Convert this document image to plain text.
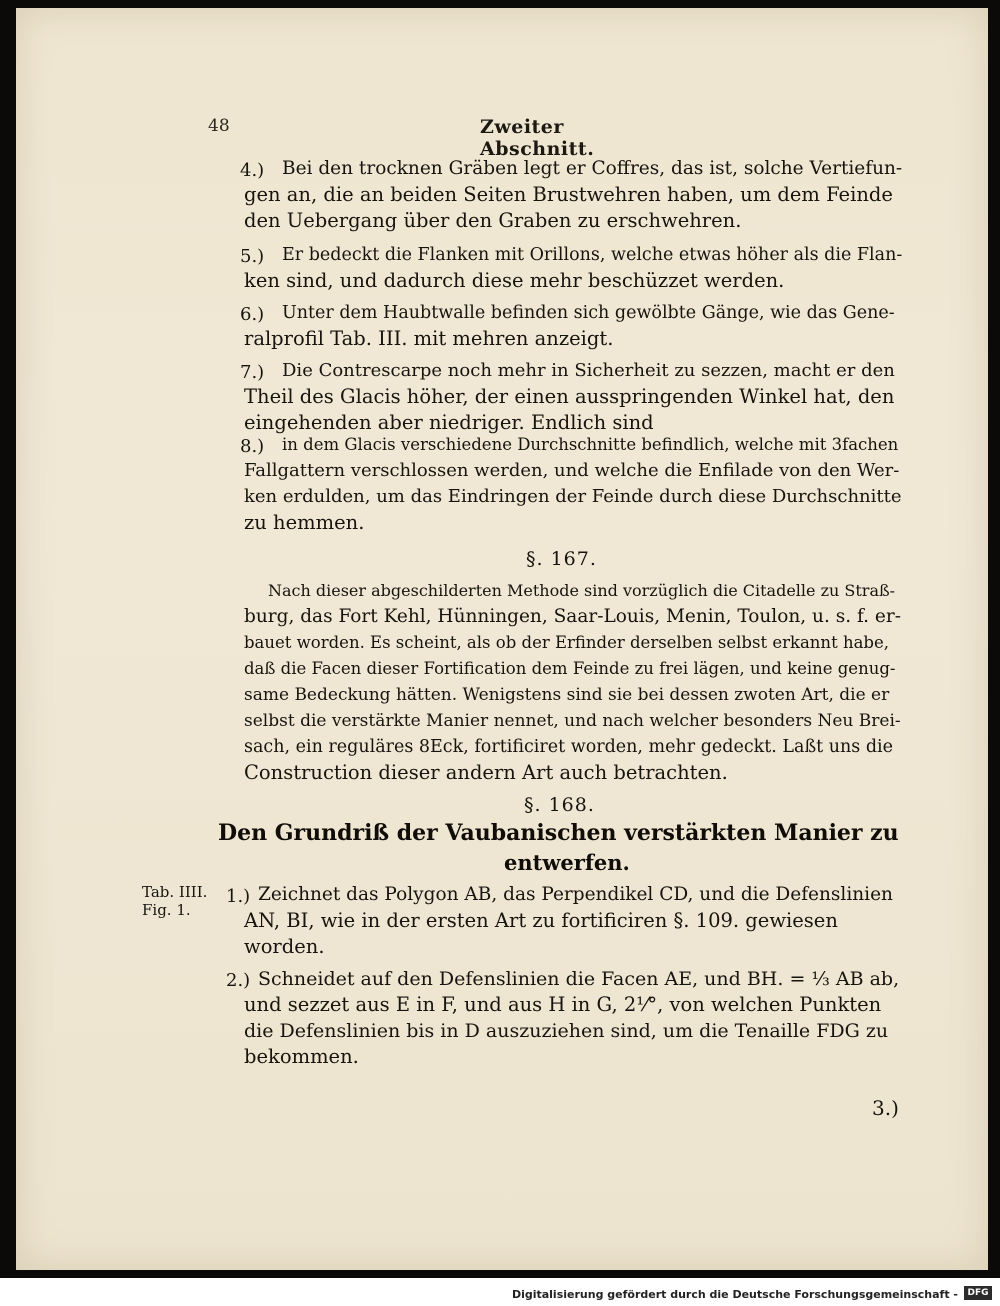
48	Zweiter Abschnitt.
4.) Bei den trocknen Gräben legt er Coffres, das ist, solche Vertiefun-
gen an, die an beiden Seiten Brustwehren haben, um dem Feinde
den Uebergang über den Graben zu erschwehren.
5.) Er bedeckt die Flanken mit Orillons, welche etwas höher als die Flan-
ken sind, und dadurch diese mehr beschüzzet werden.
6.) Unter dem Haubtwalle befinden sich gewölbte Gänge, wie das Gene-
ralprofil Tab. III. mit mehren anzeigt.
7.) Die Contrescarpe noch mehr in Sicherheit zu sezzen, macht er den
Theil des Glacis höher, der einen ausspringenden Winkel hat, den
eingehenden aber niedriger. Endlich sind
8.) in dem Glacis verschiedene Durchschnitte befindlich, welche mit 3fachen
Fallgattern verschlossen werden, und welche die Enfilade von den Wer-
ken erdulden, um das Eindringen der Feinde durch diese Durchschnitte
zu hemmen.
§. 167.
Nach dieser abgeschilderten Methode sind vorzüglich die Citadelle zu Straß-
burg, das Fort Kehl, Hünningen, Saar-Louis, Menin, Toulon, u. s. f. er-
bauet worden. Es scheint, als ob der Erfinder derselben selbst erkannt habe,
daß die Facen dieser Fortification dem Feinde zu frei lägen, und keine genug-
same Bedeckung hätten. Wenigstens sind sie bei dessen zwoten Art, die er
selbst die verstärkte Manier nennet, und nach welcher besonders Neu Brei-
sach, ein reguläres 8Eck, fortificiret worden, mehr gedeckt. Laßt uns die
Construction dieser andern Art auch betrachten.
§. 168.
Den Grundriß der Vaubanischen verstärkten Manier zu
entwerfen.
Tab. IIII.
Fig. 1.
1.) Zeichnet das Polygon AB, das Perpendikel CD, und die Defenslinien
AN, BI, wie in der ersten Art zu fortificiren §. 109. gewiesen
worden.
2.) Schneidet auf den Defenslinien die Facen AE, und BH. = ⅓ AB ab,
und sezzet aus E in F, und aus H in G, 2⅟°, von welchen Punkten
die Defenslinien bis in D auszuziehen sind, um die Tenaille FDG zu
bekommen.
3.)
Digitalisierung gefördert durch die Deutsche Forschungsgemeinschaft -	DFG
